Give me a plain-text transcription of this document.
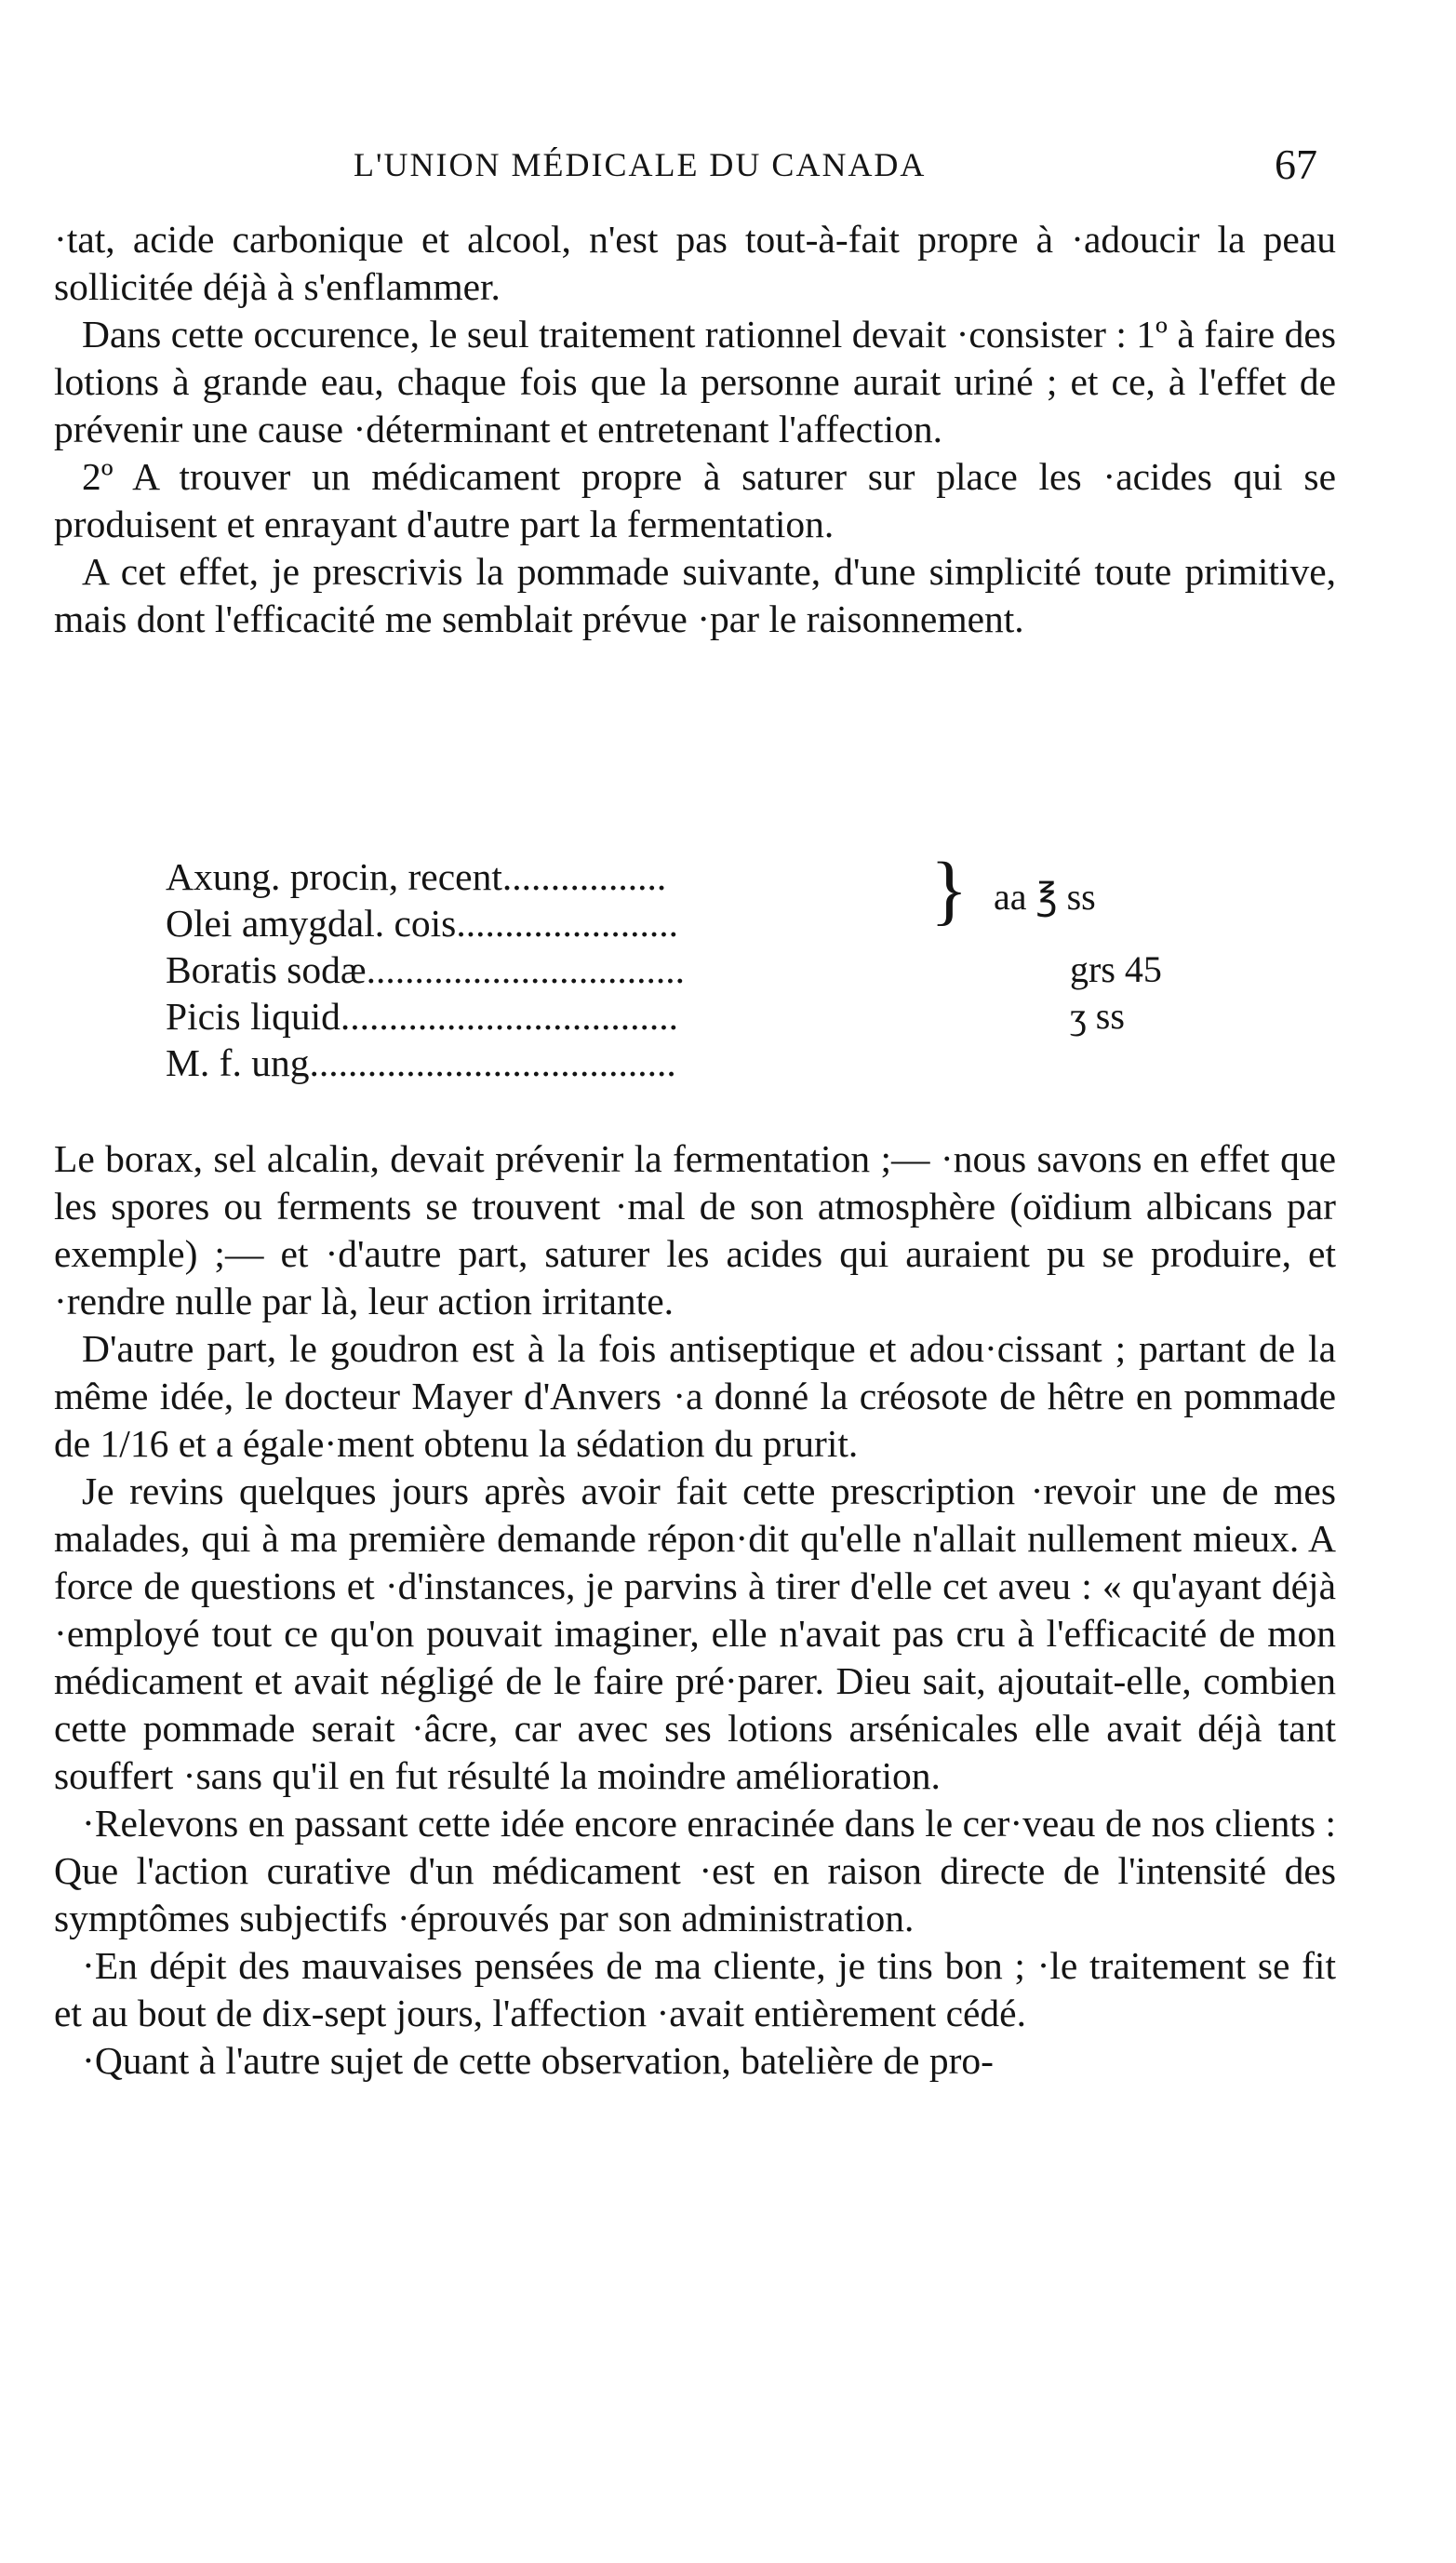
L'UNION MÉDICALE DU CANADA	67

·tat, acide carbonique et alcool, n'est pas tout-à-fait propre à ·adoucir la peau sollicitée déjà à s'enflammer.

Dans cette occurence, le seul traitement rationnel devait ·consister : 1º à faire des lotions à grande eau, chaque fois que la personne aurait uriné ; et ce, à l'effet de prévenir une cause ·déterminant et entretenant l'affection.

2º A trouver un médicament propre à saturer sur place les ·acides qui se produisent et enrayant d'autre part la fermentation.

A cet effet, je prescrivis la pommade suivante, d'une simplicité toute primitive, mais dont l'efficacité me semblait prévue ·par le raisonnement.

Axung. procin, recent.................
Olei amygdal. cois.......................
Boratis sodæ.................................
Picis liquid...................................
M. f. ung......................................
} aa ℥ ss
grs 45
ʒ ss

Le borax, sel alcalin, devait prévenir la fermentation ;— ·nous savons en effet que les spores ou ferments se trouvent ·mal de son atmosphère (oïdium albicans par exemple) ;— et ·d'autre part, saturer les acides qui auraient pu se produire, et ·rendre nulle par là, leur action irritante.

D'autre part, le goudron est à la fois antiseptique et adou·cissant ; partant de la même idée, le docteur Mayer d'Anvers ·a donné la créosote de hêtre en pommade de 1/16 et a égale·ment obtenu la sédation du prurit.

Je revins quelques jours après avoir fait cette prescription ·revoir une de mes malades, qui à ma première demande répon·dit qu'elle n'allait nullement mieux. A force de questions et ·d'instances, je parvins à tirer d'elle cet aveu : « qu'ayant déjà ·employé tout ce qu'on pouvait imaginer, elle n'avait pas cru à l'efficacité de mon médicament et avait négligé de le faire pré·parer. Dieu sait, ajoutait-elle, combien cette pommade serait ·âcre, car avec ses lotions arsénicales elle avait déjà tant souffert ·sans qu'il en fut résulté la moindre amélioration.

·Relevons en passant cette idée encore enracinée dans le cer·veau de nos clients : Que l'action curative d'un médicament ·est en raison directe de l'intensité des symptômes subjectifs ·éprouvés par son administration.

·En dépit des mauvaises pensées de ma cliente, je tins bon ; ·le traitement se fit et au bout de dix-sept jours, l'affection ·avait entièrement cédé.

·Quant à l'autre sujet de cette observation, batelière de pro-
